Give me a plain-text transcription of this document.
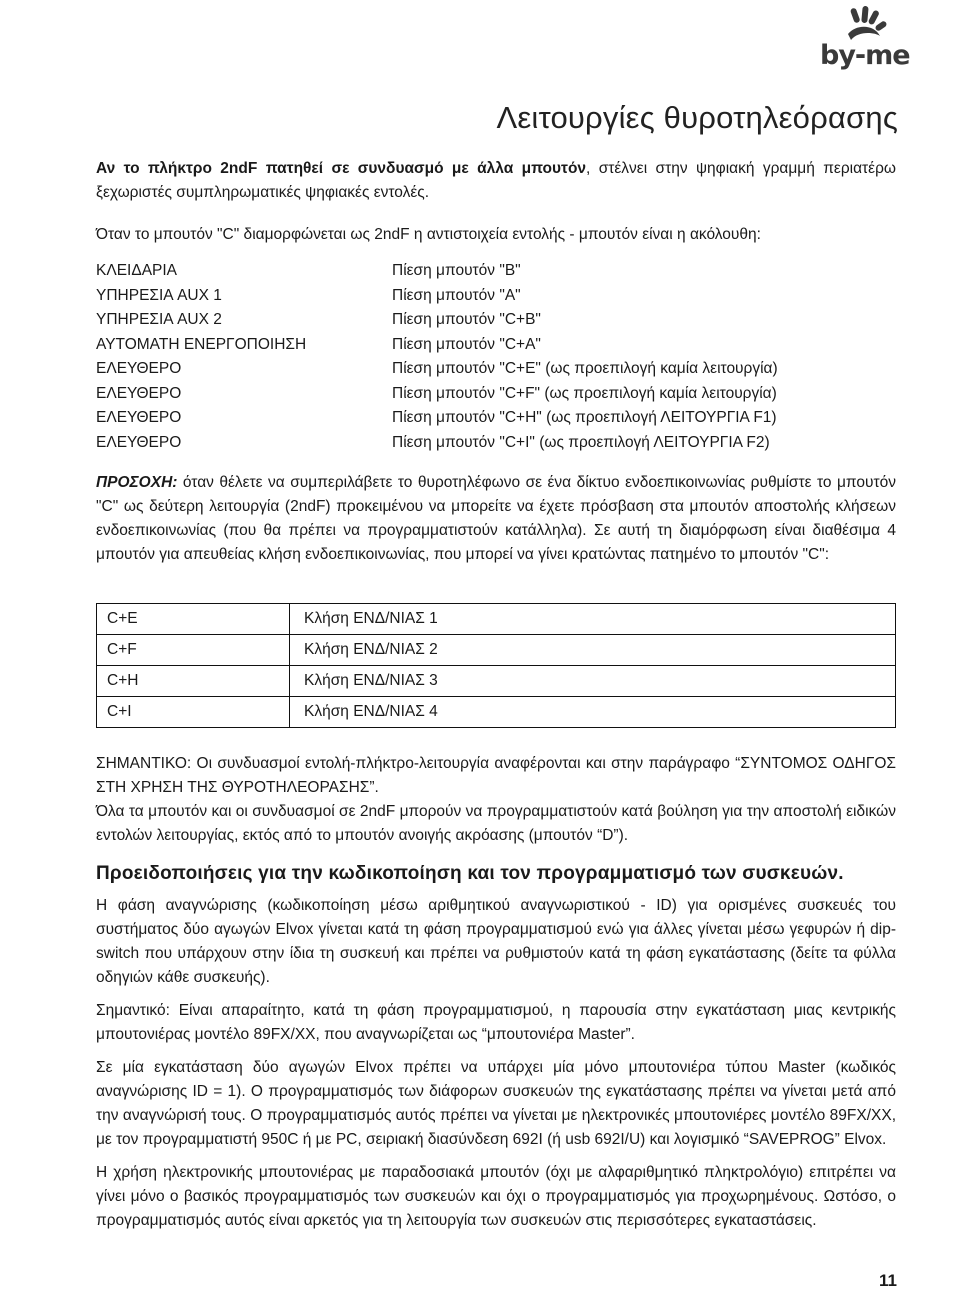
by-me
Λειτουργίες θυροτηλεόρασης

Αν το πλήκτρο 2ndF πατηθεί σε συνδυασμό με άλλα μπουτόν, στέλνει στην ψηφιακή γραμμή περιατέρω ξεχωριστές συμπληρωματικές ψηφιακές εντολές.

Όταν το μπουτόν "C" διαμορφώνεται ως 2ndF η αντιστοιχεία εντολής - μπουτόν είναι η ακόλουθη:

ΚΛΕΙΔΑΡΙΑ	Πίεση μπουτόν "B"
ΥΠΗΡΕΣΙΑ AUX 1	Πίεση μπουτόν "A"
ΥΠΗΡΕΣΙΑ AUX 2	Πίεση μπουτόν "C+B"
ΑΥΤΟΜΑΤΗ ΕΝΕΡΓΟΠΟΙΗΣΗ	Πίεση μπουτόν "C+A"
ΕΛΕΥΘΕΡΟ	Πίεση μπουτόν "C+E" (ως προεπιλογή καμία λειτουργία)
ΕΛΕΥΘΕΡΟ	Πίεση μπουτόν "C+F" (ως προεπιλογή καμία λειτουργία)
ΕΛΕΥΘΕΡΟ	Πίεση μπουτόν "C+H" (ως προεπιλογή ΛΕΙΤΟΥΡΓΙΑ F1)
ΕΛΕΥΘΕΡΟ	Πίεση μπουτόν "C+I" (ως προεπιλογή ΛΕΙΤΟΥΡΓΙΑ F2)

ΠΡΟΣΟΧΗ: όταν θέλετε να συμπεριλάβετε το θυροτηλέφωνο σε ένα δίκτυο ενδοεπικοινωνίας ρυθμίστε το μπουτόν "C" ως δεύτερη λειτουργία (2ndF) προκειμένου να μπορείτε να έχετε πρόσβαση στα μπουτόν αποστολής κλήσεων ενδοεπικοινωνίας (που θα πρέπει να προγραμματιστούν κατάλληλα). Σε αυτή τη διαμόρφωση είναι διαθέσιμα 4 μπουτόν για απευθείας κλήση ενδοεπικοινωνίας, που μπορεί να γίνει κρατώντας πατημένο το μπουτόν "C":

C+E	Κλήση ΕΝΔ/ΝΙΑΣ 1
C+F	Κλήση ΕΝΔ/ΝΙΑΣ 2
C+H	Κλήση ΕΝΔ/ΝΙΑΣ 3
C+I	Κλήση ΕΝΔ/ΝΙΑΣ 4

ΣΗΜΑΝΤΙΚΟ: Οι συνδυασμοί εντολή-πλήκτρο-λειτουργία αναφέρονται και στην παράγραφο “ΣΥΝΤΟΜΟΣ ΟΔΗΓΟΣ ΣΤΗ ΧΡΗΣΗ ΤΗΣ ΘΥΡΟΤΗΛΕΟΡΑΣΗΣ”.

Όλα τα μπουτόν και οι συνδυασμοί σε 2ndF μπορούν να προγραμματιστούν κατά βούληση για την αποστολή ειδικών εντολών λειτουργίας, εκτός από το μπουτόν ανοιγής ακρόασης (μπουτόν “D”).

Προειδοποιήσεις για την κωδικοποίηση και τον προγραμματισμό των συσκευών.

Η φάση αναγνώρισης (κωδικοποίηση μέσω αριθμητικού αναγνωριστικού - ID) για ορισμένες συσκευές του συστήματος δύο αγωγών Elvox γίνεται κατά τη φάση προγραμματισμού ενώ για άλλες γίνεται μέσω γεφυρών ή dip-switch που υπάρχουν στην ίδια τη συσκευή και πρέπει να ρυθμιστούν κατά τη φάση εγκατάστασης (δείτε τα φύλλα οδηγιών κάθε συσκευής).

Σημαντικό: Είναι απαραίτητο, κατά τη φάση προγραμματισμού, η παρουσία στην εγκατάσταση μιας κεντρικής μπουτονιέρας μοντέλο 89FX/XX, που αναγνωρίζεται ως “μπουτονιέρα Master”.

Σε μία εγκατάσταση δύο αγωγών Elvox πρέπει να υπάρχει μία μόνο μπουτονιέρα τύπου Master (κωδικός αναγνώρισης ID = 1). Ο προγραμματισμός των διάφορων συσκευών της εγκατάστασης πρέπει να γίνεται μετά από την αναγνώρισή τους. Ο προγραμματισμός αυτός πρέπει να γίνεται με ηλεκτρονικές μπουτονιέρες μοντέλο 89FX/XX, με τον προγραμματιστή 950C ή με PC, σειριακή διασύνδεση 692I (ή usb 692I/U) και λογισμικό “SAVEPROG” Elvox.

Η χρήση ηλεκτρονικής μπουτονιέρας με παραδοσιακά μπουτόν (όχι με αλφαριθμητικό πληκτρολόγιο) επιτρέπει να γίνει μόνο ο βασικός προγραμματισμός των συσκευών και όχι ο προγραμματισμός για προχωρημένους. Ωστόσο, ο προγραμματισμός αυτός είναι αρκετός για τη λειτουργία των συσκευών στις περισσότερες εγκαταστάσεις.

11
